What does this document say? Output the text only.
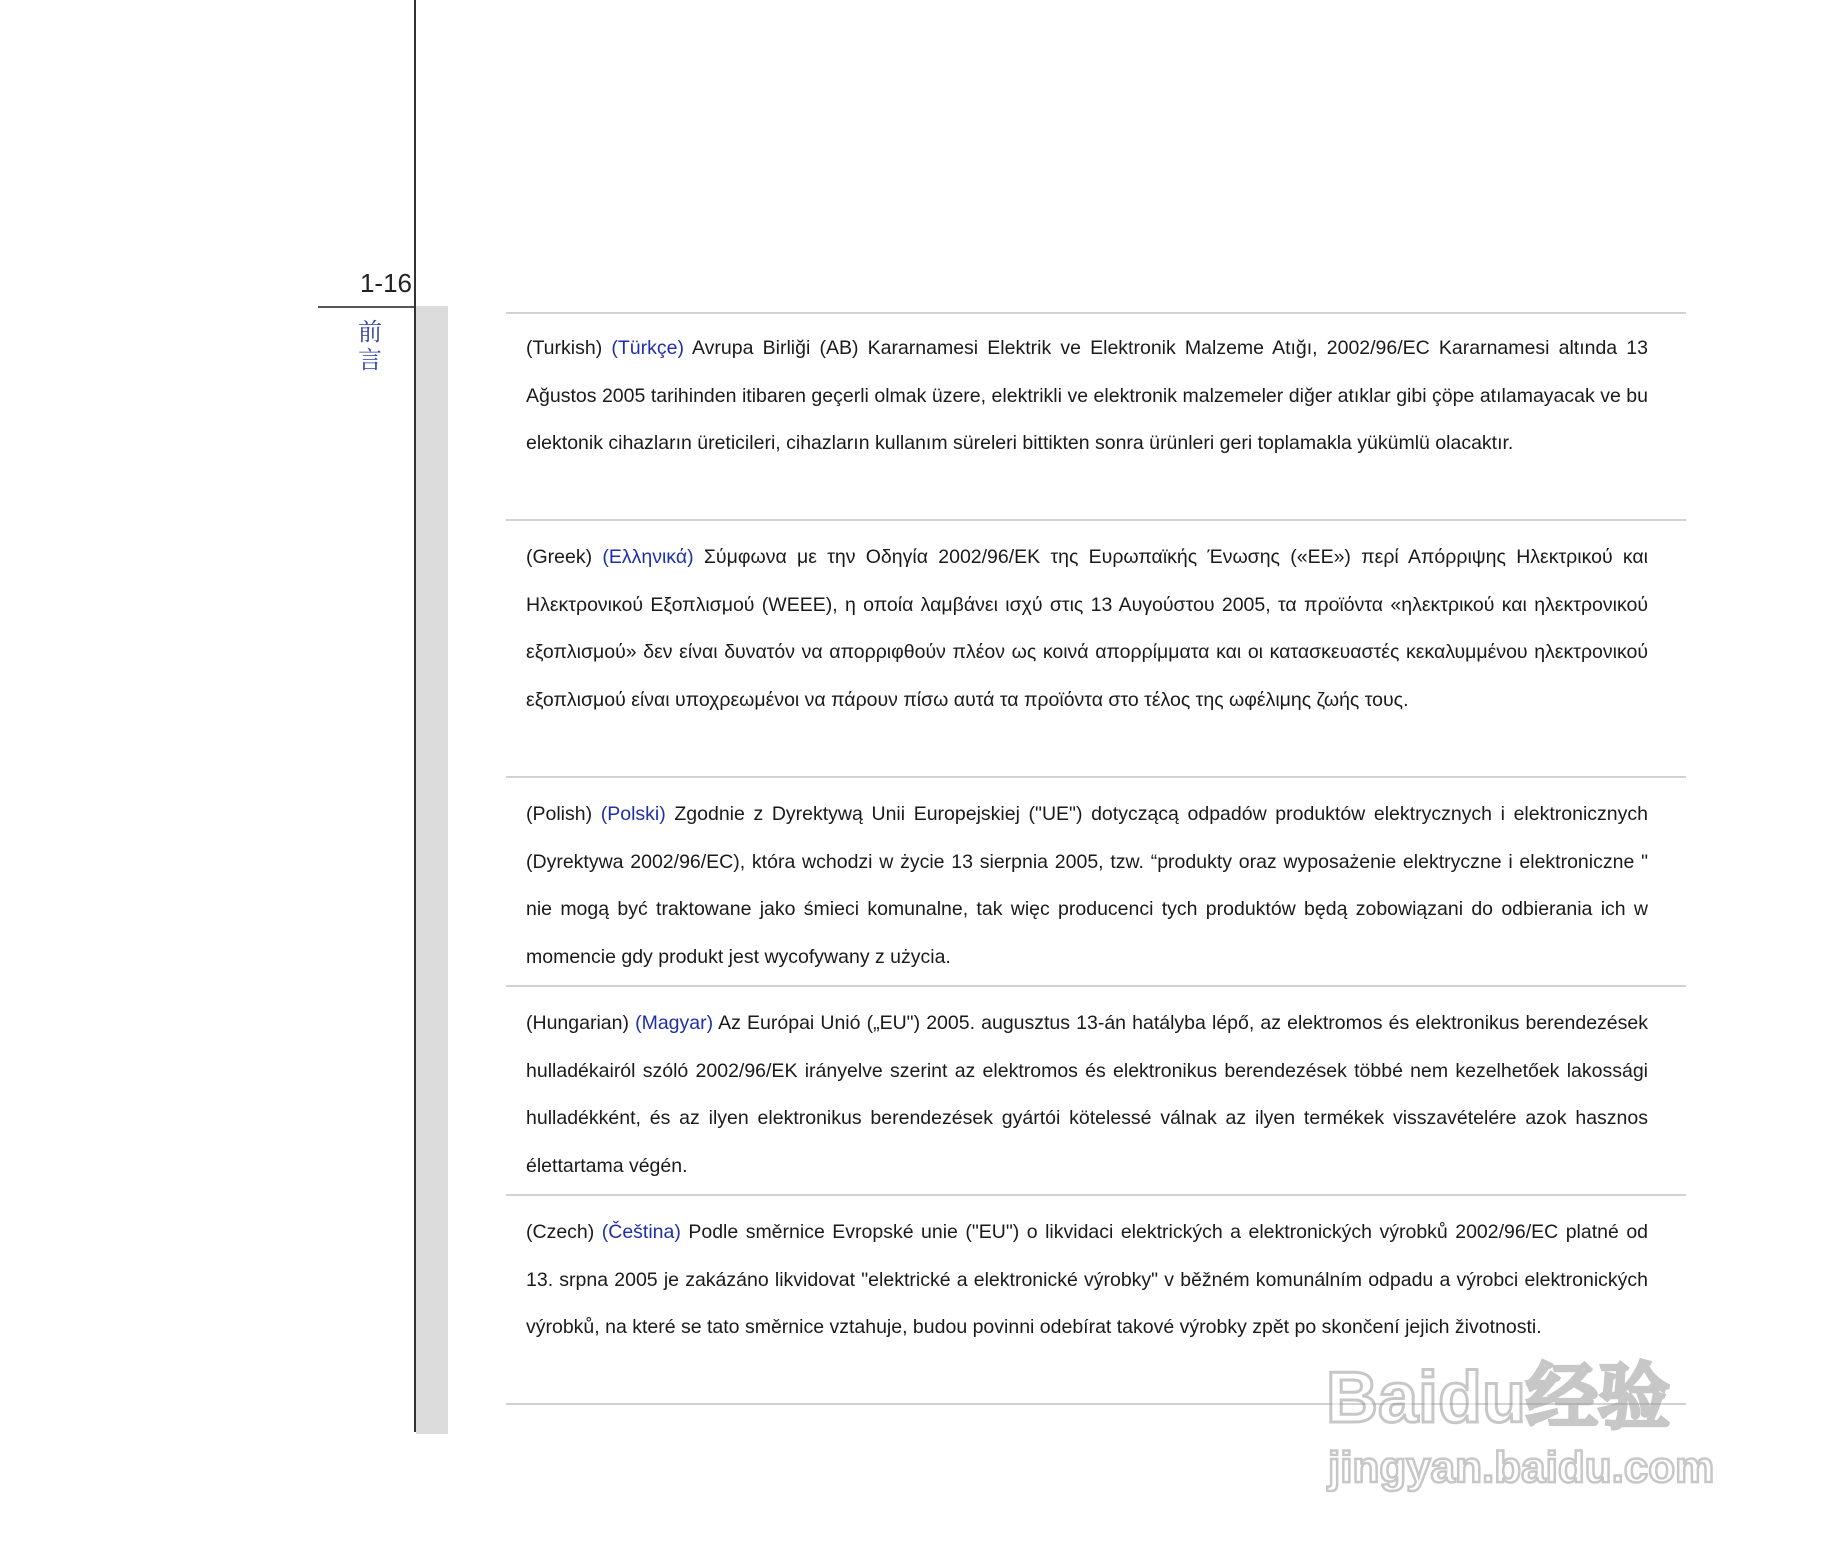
1-16
前言	(Turkish) (Türkçe) Avrupa Birliği (AB) Kararnamesi Elektrik ve Elektronik Malzeme Atığı, 2002/96/EC Kararnamesi altında 13 Ağustos 2005 tarihinden itibaren geçerli olmak üzere, elektrikli ve elektronik malzemeler diğer atıklar gibi çöpe atılamayacak ve bu elektonik cihazların üreticileri, cihazların kullanım süreleri bittikten sonra ürünleri geri toplamakla yükümlü olacaktır.

(Greek) (Ελληνικά) Σύμφωνα με την Οδηγία 2002/96/ΕΚ της Ευρωπαϊκής Ένωσης («ΕΕ») περί Απόρριψης Ηλεκτρικού και Ηλεκτρονικού Εξοπλισμού (WEEE), η οποία λαμβάνει ισχύ στις 13 Αυγούστου 2005, τα προϊόντα «ηλεκτρικού και ηλεκτρονικού εξοπλισμού» δεν είναι δυνατόν να απορριφθούν πλέον ως κοινά απορρίμματα και οι κατασκευαστές κεκαλυμμένου ηλεκτρονικού εξοπλισμού είναι υποχρεωμένοι να πάρουν πίσω αυτά τα προϊόντα στο τέλος της ωφέλιμης ζωής τους.

(Polish) (Polski) Zgodnie z Dyrektywą Unii Europejskiej ("UE") dotyczącą odpadów produktów elektrycznych i elektronicznych (Dyrektywa 2002/96/EC), która wchodzi w życie 13 sierpnia 2005, tzw. “produkty oraz wyposażenie elektryczne i elektroniczne " nie mogą być traktowane jako śmieci komunalne, tak więc producenci tych produktów będą zobowiązani do odbierania ich w momencie gdy produkt jest wycofywany z użycia.

(Hungarian) (Magyar) Az Európai Unió („EU") 2005. augusztus 13-án hatályba lépő, az elektromos és elektronikus berendezések hulladékairól szóló 2002/96/EK irányelve szerint az elektromos és elektronikus berendezések többé nem kezelhetőek lakossági hulladékként, és az ilyen elektronikus berendezések gyártói kötelessé válnak az ilyen termékek visszavételére azok hasznos élettartama végén.

(Czech) (Čeština) Podle směrnice Evropské unie ("EU") o likvidaci elektrických a elektronických výrobků 2002/96/EC platné od 13. srpna 2005 je zakázáno likvidovat "elektrické a elektronické výrobky" v běžném komunálním odpadu a výrobci elektronických výrobků, na které se tato směrnice vztahuje, budou povinni odebírat takové výrobky zpět po skončení jejich životnosti.

Baidu经验
jingyan.baidu.com
